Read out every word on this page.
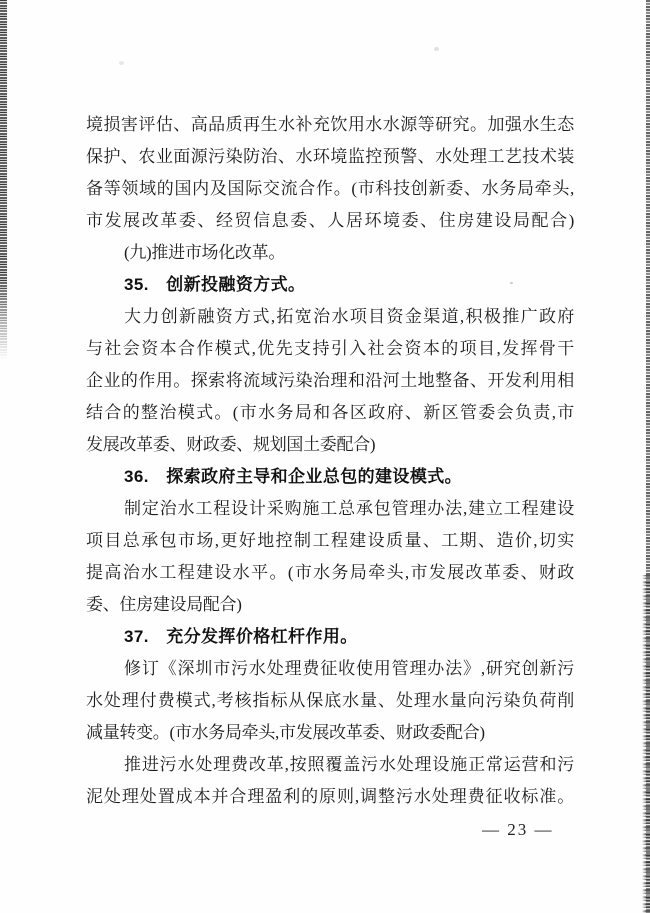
境损害评估、高品质再生水补充饮用水水源等研究。加强水生态
保护、农业面源污染防治、水环境监控预警、水处理工艺技术装
备等领域的国内及国际交流合作。(市科技创新委、水务局牵头,
市发展改革委、经贸信息委、人居环境委、住房建设局配合)
(九)推进市场化改革。
35.　创新投融资方式。
大力创新融资方式,拓宽治水项目资金渠道,积极推广政府
与社会资本合作模式,优先支持引入社会资本的项目,发挥骨干
企业的作用。探索将流域污染治理和沿河土地整备、开发利用相
结合的整治模式。(市水务局和各区政府、新区管委会负责,市
发展改革委、财政委、规划国土委配合)
36.　探索政府主导和企业总包的建设模式。
制定治水工程设计采购施工总承包管理办法,建立工程建设
项目总承包市场,更好地控制工程建设质量、工期、造价,切实
提高治水工程建设水平。(市水务局牵头,市发展改革委、财政
委、住房建设局配合)
37.　充分发挥价格杠杆作用。
修订《深圳市污水处理费征收使用管理办法》,研究创新污
水处理付费模式,考核指标从保底水量、处理水量向污染负荷削
减量转变。(市水务局牵头,市发展改革委、财政委配合)
推进污水处理费改革,按照覆盖污水处理设施正常运营和污
泥处理处置成本并合理盈利的原则,调整污水处理费征收标准。
— 23 —
